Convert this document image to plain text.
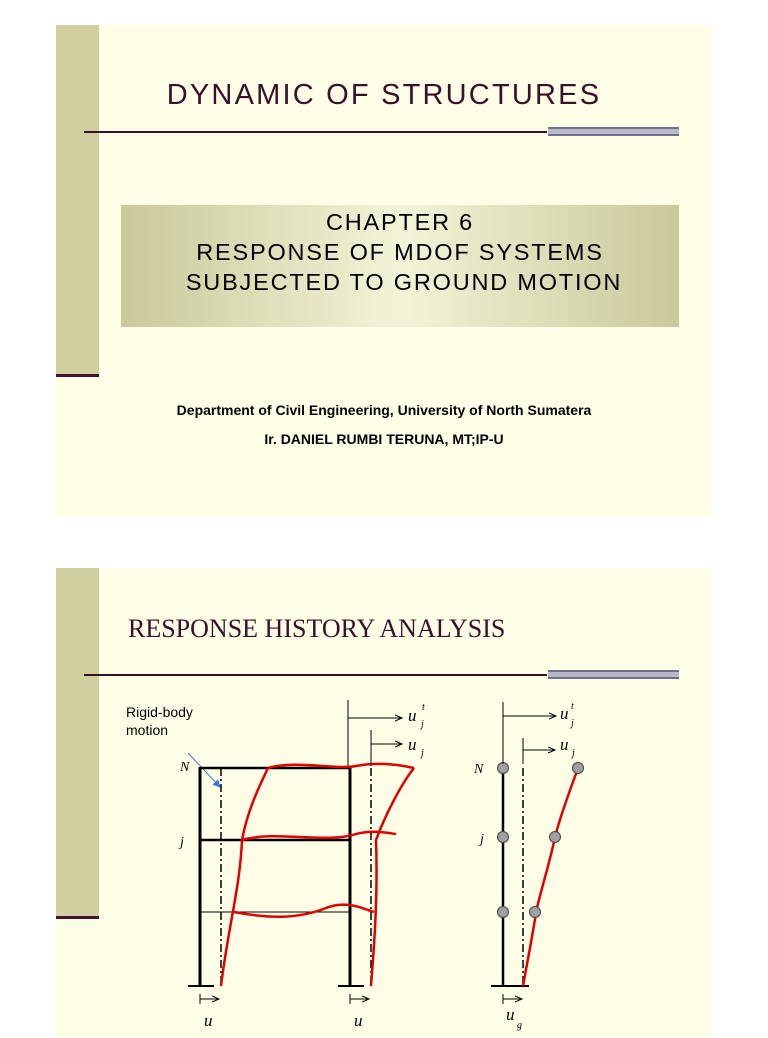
DYNAMIC OF STRUCTURES
CHAPTER 6
RESPONSE OF MDOF SYSTEMS
SUBJECTED TO GROUND MOTION
Department of Civil Engineering, University of North Sumatera
Ir. DANIEL RUMBI TERUNA, MT;IP-U
RESPONSE HISTORY ANALYSIS
Rigid-body
motion
N
j
N
j
u t
j
u j
u	u	u
g
u t
j
u j
